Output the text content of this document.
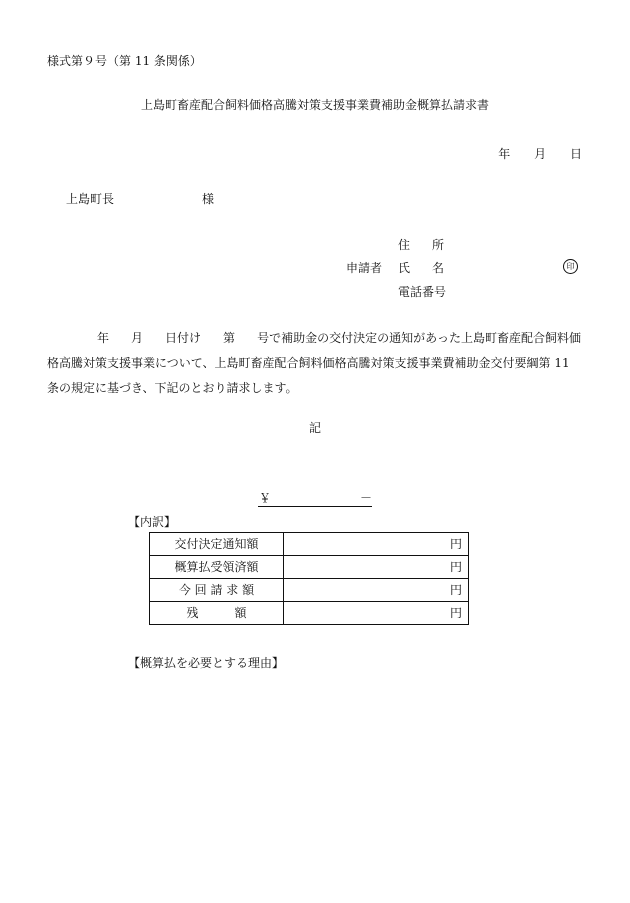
様式第９号（第 11 条関係）
上島町畜産配合飼料価格高騰対策支援事業費補助金概算払請求書
年 月 日
上島町長	様
住 所
申請者 氏 名	印
電話番号
年 月 日付け 第 号で補助金の交付決定の通知があった上島町畜産配合飼料価格高騰対策支援事業について、上島町畜産配合飼料価格高騰対策支援事業費補助金交付要綱第 11 条の規定に基づき、下記のとおり請求します。
記
￥	－
【内訳】
交付決定通知額	円
概算払受領済額	円
今 回 請 求 額	円
残　　　額	円
【概算払を必要とする理由】
